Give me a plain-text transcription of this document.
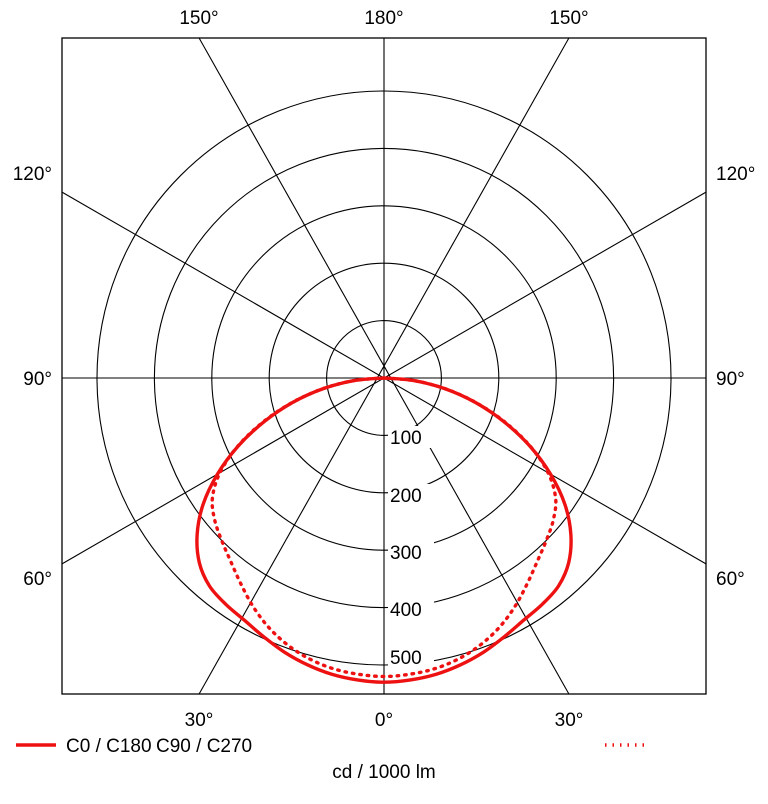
150°	180°	150°
120°
90°
60°
120°
90°
60°
30°	0°	30°
100
200
300
400
500
C0 / C180 C90 / C270
cd / 1000 lm
